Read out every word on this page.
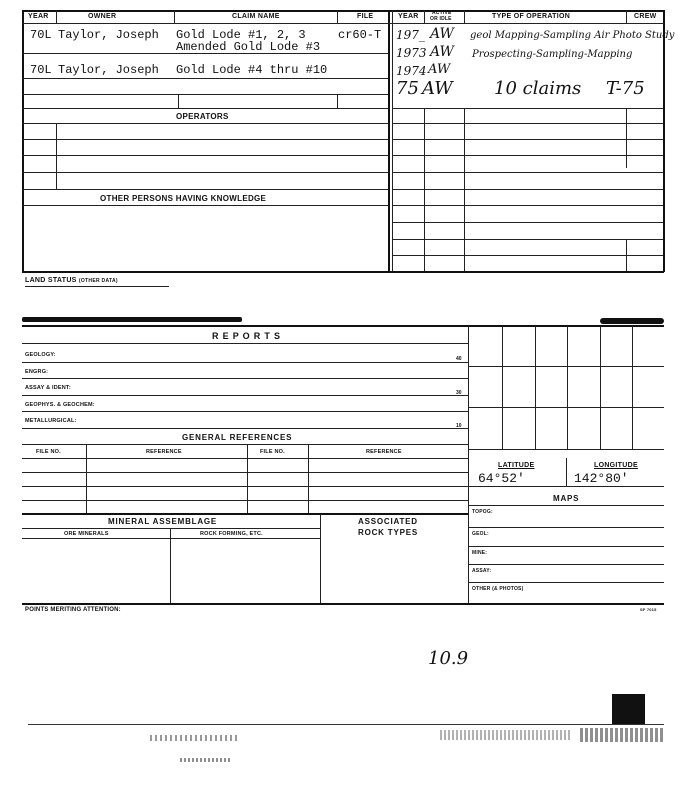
YEAR	OWNER	CLAIM NAME	FILE	YEAR	ACTIVE
OR IDLE	TYPE OF OPERATION	CREW
70L Taylor, Joseph Gold Lode #1, 2, 3
Amended Gold Lode #3
cr60-T
70L Taylor, Joseph Gold Lode #4 thru #10
OPERATORS
OTHER PERSONS HAVING KNOWLEDGE
197_ AW geol Mapping-Sampling Air Photo Study
1973 AW Prospecting-Sampling-Mapping
1974 AW
75 AW 10 claims T-75
LAND STATUS (OTHER DATA)
R E P O R T S
GEOLOGY:
40
ENGRG:
ASSAY & IDENT:
30
GEOPHYS. & GEOCHEM:
METALLURGICAL:
10
GENERAL REFERENCES
FILE NO.	REFERENCE	FILE NO.	REFERENCE
MINERAL ASSEMBLAGE
ORE MINERALS	ROCK FORMING, ETC.
ASSOCIATED
ROCK TYPES
LATITUDE	LONGITUDE
64°52'	142°80'
MAPS
TOPOG:
GEOL:
MINE:
ASSAY:
OTHER (& PHOTOS)
POINTS MERITING ATTENTION:	SF 7015
10.9
